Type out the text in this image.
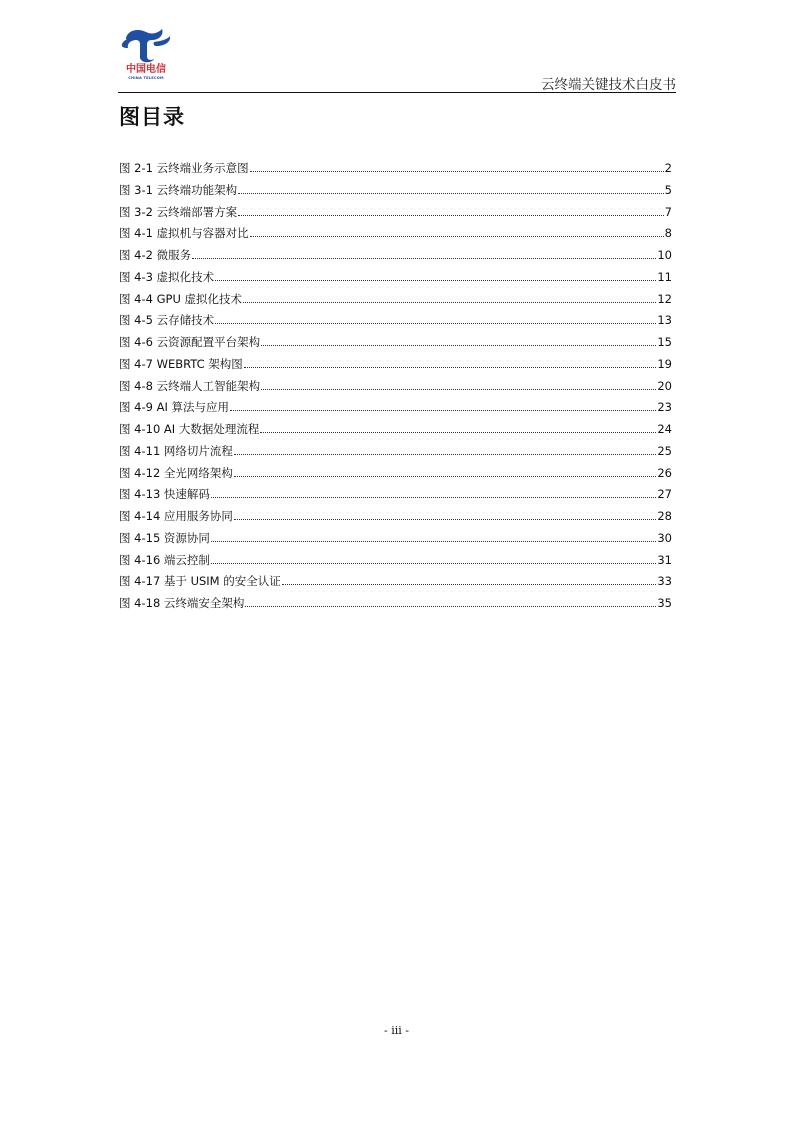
中国电信
CHINA TELECOM	云终端关键技术白皮书
图目录
图 2-1 云终端业务示意图	2
图 3-1 云终端功能架构	5
图 3-2 云终端部署方案	7
图 4-1 虚拟机与容器对比	8
图 4-2 微服务	10
图 4-3 虚拟化技术	11
图 4-4 GPU 虚拟化技术	12
图 4-5 云存储技术	13
图 4-6 云资源配置平台架构	15
图 4-7 WEBRTC 架构图	19
图 4-8 云终端人工智能架构	20
图 4-9 AI 算法与应用	23
图 4-10 AI 大数据处理流程	24
图 4-11 网络切片流程	25
图 4-12 全光网络架构	26
图 4-13 快速解码	27
图 4-14 应用服务协同	28
图 4-15 资源协同	30
图 4-16 端云控制	31
图 4-17 基于 USIM 的安全认证	33
图 4-18 云终端安全架构	35
- iii -
